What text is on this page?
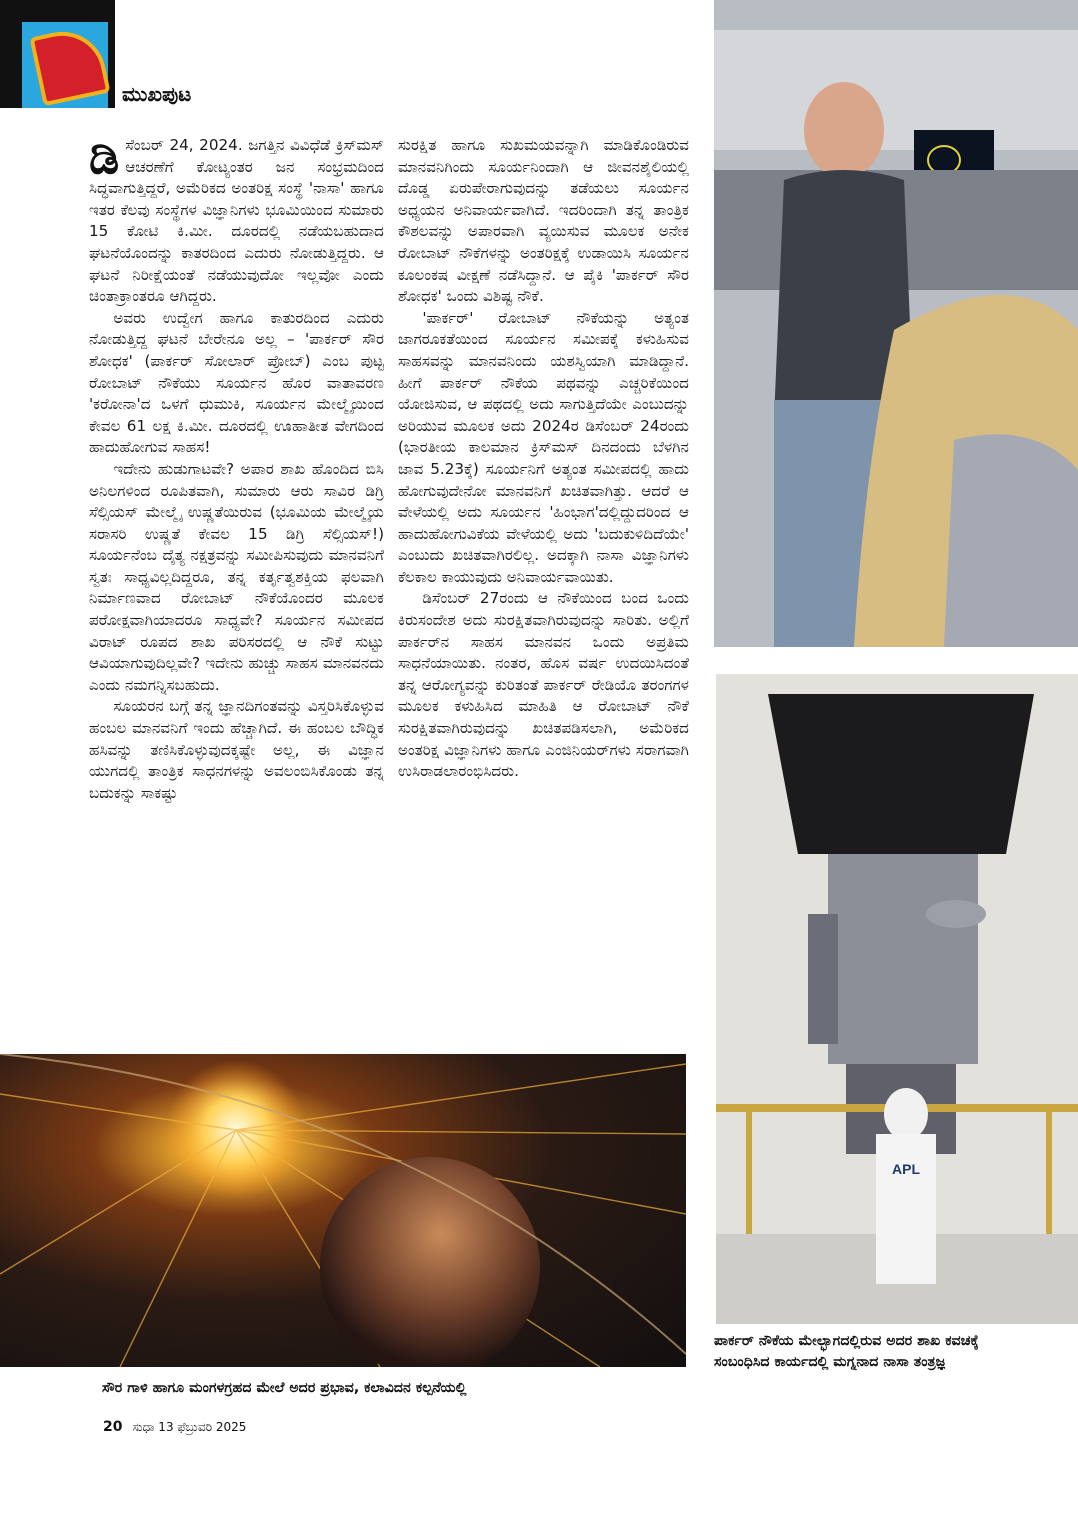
ಮುಖಪುಟ

ಡಿಸೆಂಬರ್ 24, 2024. ಜಗತ್ತಿನ ವಿವಿಧೆಡೆ ಕ್ರಿಸ್‌ಮಸ್ ಆಚರಣೆಗೆ ಕೋಟ್ಯಂತರ ಜನ ಸಂಭ್ರಮದಿಂದ ಸಿದ್ಧವಾಗುತ್ತಿದ್ದರೆ, ಅಮೆರಿಕದ ಅಂತರಿಕ್ಷ ಸಂಸ್ಥೆ 'ನಾಸಾ' ಹಾಗೂ ಇತರ ಕೆಲವು ಸಂಸ್ಥೆಗಳ ವಿಜ್ಞಾನಿಗಳು ಭೂಮಿಯಿಂದ ಸುಮಾರು 15 ಕೋಟಿ ಕಿ.ಮೀ. ದೂರದಲ್ಲಿ ನಡೆಯಬಹುದಾದ ಘಟನೆಯೊಂದನ್ನು ಕಾತರದಿಂದ ಎದುರು ನೋಡುತ್ತಿದ್ದರು. ಆ ಘಟನೆ ನಿರೀಕ್ಷೆಯಂತೆ ನಡೆಯುವುದೋ ಇಲ್ಲವೋ ಎಂದು ಚಿಂತಾಕ್ರಾಂತರೂ ಆಗಿದ್ದರು.

ಅವರು ಉದ್ವೇಗ ಹಾಗೂ ಕಾತುರದಿಂದ ಎದುರು ನೋಡುತ್ತಿದ್ದ ಘಟನೆ ಬೇರೇನೂ ಅಲ್ಲ – 'ಪಾರ್ಕರ್ ಸೌರ ಶೋಧಕ' (ಪಾರ್ಕರ್ ಸೋಲಾರ್ ಪ್ರೋಬ್) ಎಂಬ ಪುಟ್ಟ ರೋಬಾಟ್ ನೌಕೆಯು ಸೂರ್ಯನ ಹೊರ ವಾತಾವರಣ 'ಕರೋನಾ'ದ ಒಳಗೆ ಧುಮುಕಿ, ಸೂರ್ಯನ ಮೇಲ್ಮೈಯಿಂದ ಕೇವಲ 61 ಲಕ್ಷ ಕಿ.ಮೀ. ದೂರದಲ್ಲಿ ಊಹಾತೀತ ವೇಗದಿಂದ ಹಾದುಹೋಗುವ ಸಾಹಸ!

ಇದೇನು ಹುಡುಗಾಟವೇ? ಅಪಾರ ಶಾಖ ಹೊಂದಿದ ಬಿಸಿ ಅನಿಲಗಳಿಂದ ರೂಪಿತವಾಗಿ, ಸುಮಾರು ಆರು ಸಾವಿರ ಡಿಗ್ರಿ ಸೆಲ್ಸಿಯಸ್ ಮೇಲ್ಮೈ ಉಷ್ಣತೆಯಿರುವ (ಭೂಮಿಯ ಮೇಲ್ಮೈಯ ಸರಾಸರಿ ಉಷ್ಣತೆ ಕೇವಲ 15 ಡಿಗ್ರಿ ಸೆಲ್ಸಿಯಸ್!) ಸೂರ್ಯನೆಂಬ ದೈತ್ಯ ನಕ್ಷತ್ರವನ್ನು ಸಮೀಪಿಸುವುದು ಮಾನವನಿಗೆ ಸ್ವತಃ ಸಾಧ್ಯವಿಲ್ಲದಿದ್ದರೂ, ತನ್ನ ಕರ್ತೃತ್ವಶಕ್ತಿಯ ಫಲವಾಗಿ ನಿರ್ಮಾಣವಾದ ರೋಬಾಟ್ ನೌಕೆಯೊಂದರ ಮೂಲಕ ಪರೋಕ್ಷವಾಗಿಯಾದರೂ ಸಾಧ್ಯವೇ? ಸೂರ್ಯನ ಸಮೀಪದ ವಿರಾಟ್ ರೂಪದ ಶಾಖ ಪರಿಸರದಲ್ಲಿ ಆ ನೌಕೆ ಸುಟ್ಟು ಆವಿಯಾಗುವುದಿಲ್ಲವೇ? ಇದೇನು ಹುಚ್ಚು ಸಾಹಸ ಮಾನವನದು ಎಂದು ನಮಗನ್ನಿಸಬಹುದು.

ಸೂಯರನ ಬಗ್ಗೆ ತನ್ನ ಜ್ಞಾನದಿಗಂತವನ್ನು ವಿಸ್ತರಿಸಿಕೊಳ್ಳುವ ಹಂಬಲ ಮಾನವನಿಗೆ ಇಂದು ಹೆಚ್ಚಾಗಿದೆ. ಈ ಹಂಬಲ ಬೌದ್ಧಿಕ ಹಸಿವನ್ನು ತಣಿಸಿಕೊಳ್ಳುವುದಕ್ಕಷ್ಟೇ ಅಲ್ಲ, ಈ ವಿಜ್ಞಾನ ಯುಗದಲ್ಲಿ ತಾಂತ್ರಿಕ ಸಾಧನಗಳನ್ನು ಅವಲಂಬಿಸಿಕೊಂಡು ತನ್ನ ಬದುಕನ್ನು ಸಾಕಷ್ಟು

ಸುರಕ್ಷಿತ ಹಾಗೂ ಸುಖಮಯವನ್ನಾಗಿ ಮಾಡಿಕೊಂಡಿರುವ ಮಾನವನಿಗಿಂದು ಸೂರ್ಯನಿಂದಾಗಿ ಆ ಜೀವನಶೈಲಿಯಲ್ಲಿ ದೊಡ್ಡ ಏರುಪೇರಾಗುವುದನ್ನು ತಡೆಯಲು ಸೂರ್ಯನ ಅಧ್ಯಯನ ಅನಿವಾರ್ಯವಾಗಿದೆ. ಇದರಿಂದಾಗಿ ತನ್ನ ತಾಂತ್ರಿಕ ಕೌಶಲವನ್ನು ಅಪಾರವಾಗಿ ವ್ಯಯಿಸುವ ಮೂಲಕ ಅನೇಕ ರೋಬಾಟ್ ನೌಕೆಗಳನ್ನು ಅಂತರಿಕ್ಷಕ್ಕೆ ಉಡಾಯಿಸಿ ಸೂರ್ಯನ ಕೂಲಂಕಷ ವೀಕ್ಷಣೆ ನಡೆಸಿದ್ದಾನೆ. ಆ ಪೈಕಿ 'ಪಾರ್ಕರ್ ಸೌರ ಶೋಧಕ' ಒಂದು ವಿಶಿಷ್ಟ ನೌಕೆ.

'ಪಾರ್ಕರ್' ರೋಬಾಟ್ ನೌಕೆಯನ್ನು ಅತ್ಯಂತ ಜಾಗರೂಕತೆಯಿಂದ ಸೂರ್ಯನ ಸಮೀಪಕ್ಕೆ ಕಳುಹಿಸುವ ಸಾಹಸವನ್ನು ಮಾನವನಿಂದು ಯಶಸ್ವಿಯಾಗಿ ಮಾಡಿದ್ದಾನೆ. ಹೀಗೆ ಪಾರ್ಕರ್ ನೌಕೆಯ ಪಥವನ್ನು ಎಚ್ಚರಿಕೆಯಿಂದ ಯೋಜಿಸುವ, ಆ ಪಥದಲ್ಲಿ ಅದು ಸಾಗುತ್ತಿದೆಯೇ ಎಂಬುದನ್ನು ಅರಿಯುವ ಮೂಲಕ ಅದು 2024ರ ಡಿಸೆಂಬರ್ 24ರಂದು (ಭಾರತೀಯ ಕಾಲಮಾನ ಕ್ರಿಸ್‌ಮಸ್ ದಿನದಂದು ಬೆಳಗಿನ ಜಾವ 5.23ಕ್ಕೆ) ಸೂರ್ಯನಿಗೆ ಅತ್ಯಂತ ಸಮೀಪದಲ್ಲಿ ಹಾದು ಹೋಗುವುದೇನೋ ಮಾನವನಿಗೆ ಖಚಿತವಾಗಿತ್ತು. ಆದರೆ ಆ ವೇಳೆಯಲ್ಲಿ ಅದು ಸೂರ್ಯನ 'ಹಿಂಭಾಗ'ದಲ್ಲಿದ್ದುದರಿಂದ ಆ ಹಾದುಹೋಗುವಿಕೆಯ ವೇಳೆಯಲ್ಲಿ ಅದು 'ಬದುಕುಳಿದಿದೆಯೇ' ಎಂಬುದು ಖಚಿತವಾಗಿರಲಿಲ್ಲ. ಅದಕ್ಕಾಗಿ ನಾಸಾ ವಿಜ್ಞಾನಿಗಳು ಕೆಲಕಾಲ ಕಾಯುವುದು ಅನಿವಾರ್ಯವಾಯಿತು.

ಡಿಸೆಂಬರ್ 27ರಂದು ಆ ನೌಕೆಯಿಂದ ಬಂದ ಒಂದು ಕಿರುಸಂದೇಶ ಅದು ಸುರಕ್ಷಿತವಾಗಿರುವುದನ್ನು ಸಾರಿತು. ಅಲ್ಲಿಗೆ ಪಾರ್ಕರ್‌ನ ಸಾಹಸ ಮಾನವನ ಒಂದು ಅಪ್ರತಿಮ ಸಾಧನೆಯಾಯಿತು. ನಂತರ, ಹೊಸ ವರ್ಷ ಉದಯಿಸಿದಂತೆ ತನ್ನ ಆರೋಗ್ಯವನ್ನು ಕುರಿತಂತೆ ಪಾರ್ಕರ್ ರೇಡಿಯೊ ತರಂಗಗಳ ಮೂಲಕ ಕಳುಹಿಸಿದ ಮಾಹಿತಿ ಆ ರೋಬಾಟ್ ನೌಕೆ ಸುರಕ್ಷಿತವಾಗಿರುವುದನ್ನು ಖಚಿತಪಡಿಸಲಾಗಿ, ಅಮೆರಿಕದ ಅಂತರಿಕ್ಷ ವಿಜ್ಞಾನಿಗಳು ಹಾಗೂ ಎಂಜಿನಿಯರ್‌ಗಳು ಸರಾಗವಾಗಿ ಉಸಿರಾಡಲಾರಂಭಿಸಿದರು.

APL
ಪಾರ್ಕರ್ ನೌಕೆಯ ಮೇಲ್ಭಾಗದಲ್ಲಿರುವ ಅದರ ಶಾಖ ಕವಚಕ್ಕೆ ಸಂಬಂಧಿಸಿದ ಕಾರ್ಯದಲ್ಲಿ ಮಗ್ನನಾದ ನಾಸಾ ತಂತ್ರಜ್ಞ
ಸೌರ ಗಾಳಿ ಹಾಗೂ ಮಂಗಳಗ್ರಹದ ಮೇಲೆ ಅದರ ಪ್ರಭಾವ, ಕಲಾವಿದನ ಕಲ್ಪನೆಯಲ್ಲಿ
20 ಸುಧಾ 13 ಫೆಬ್ರುವರಿ 2025
